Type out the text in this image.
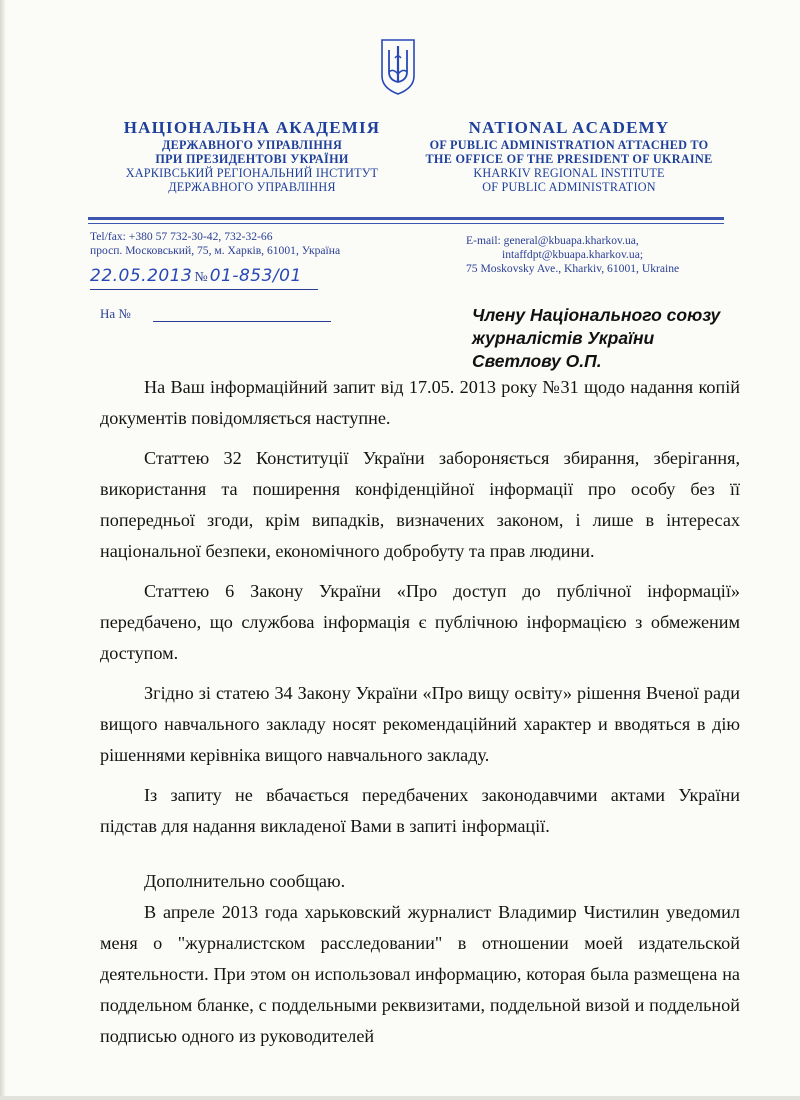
НАЦІОНАЛЬНА АКАДЕМІЯ
ДЕРЖАВНОГО УПРАВЛІННЯ
ПРИ ПРЕЗИДЕНТОВІ УКРАЇНИ
ХАРКІВСЬКИЙ РЕГІОНАЛЬНИЙ ІНСТИТУТ
ДЕРЖАВНОГО УПРАВЛІННЯ
NATIONAL ACADEMY
OF PUBLIC ADMINISTRATION ATTACHED TO
THE OFFICE OF THE PRESIDENT OF UKRAINE
KHARKIV REGIONAL INSTITUTE
OF PUBLIC ADMINISTRATION
Tel/fax: +380 57 732-30-42, 732-32-66
просп. Московський, 75, м. Харків, 61001, Україна
E-mail: general@kbuapa.kharkov.ua,
intaffdpt@kbuapa.kharkov.ua;
75 Moskovsky Ave., Kharkiv, 61001, Ukraine
22.05.2013 № 01-853/01
На №	Члену Національного союзу
журналістів України
Светлову О.П.

На Ваш інформаційний запит від 17.05. 2013 року №31 щодо надання копій документів повідомляється наступне.

Статтею 32 Конституції України забороняється збирання, зберігання, використання та поширення конфіденційної інформації про особу без її попередньої згоди, крім випадків, визначених законом, і лише в інтересах національної безпеки, економічного добробуту та прав людини.

Статтею 6 Закону України «Про доступ до публічної інформації» передбачено, що службова інформація є публічною інформацією з обмеженим доступом.

Згідно зі статею 34 Закону України «Про вищу освіту» рішення Вченої ради вищого навчального закладу носят рекомендаційний характер и вводяться в дію рішеннями керівніка вищого навчального закладу.

Із запиту не вбачається передбачених законодавчими актами України підстав для надання викладеної Вами в запиті інформації.

Дополнительно сообщаю.

В апреле 2013 года харьковский журналист Владимир Чистилин уведомил меня о "журналистском расследовании" в отношении моей издательской деятельности. При этом он использовал информацию, которая была размещена на поддельном бланке, с поддельными реквизитами, поддельной визой и поддельной подписью одного из руководителей
